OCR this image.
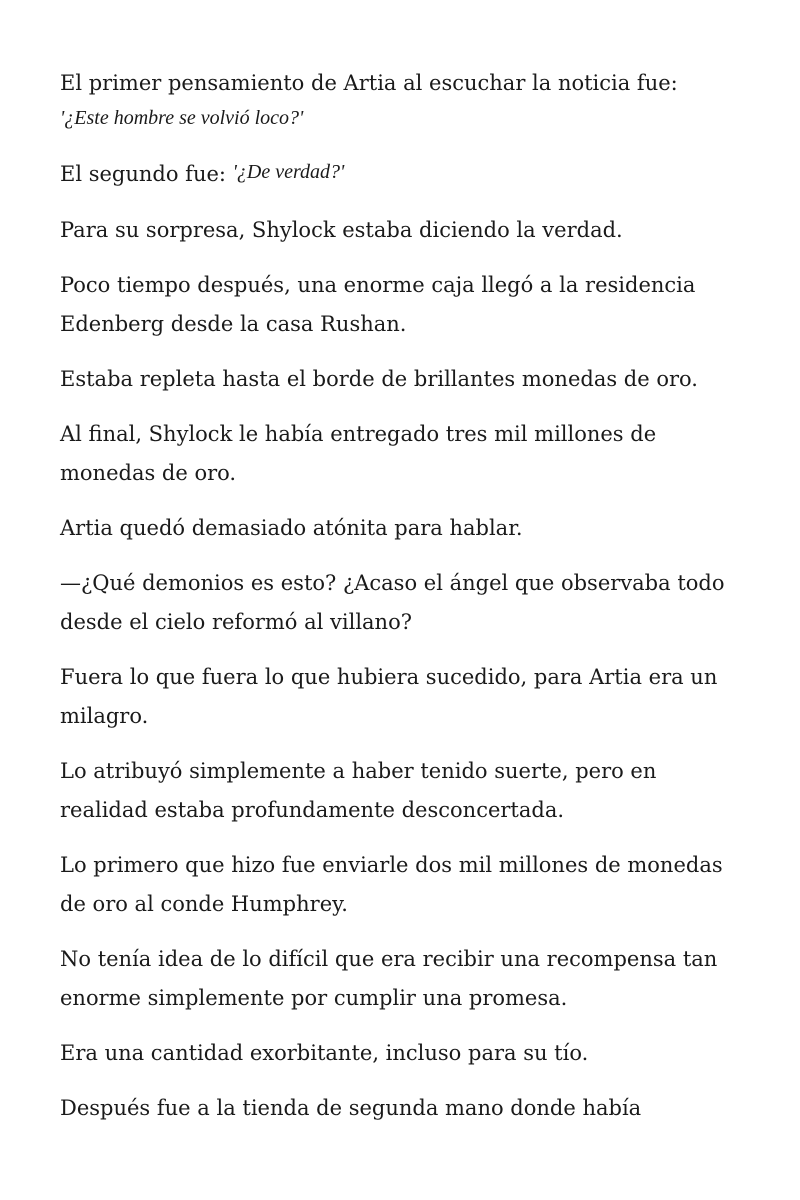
El primer pensamiento de Artia al escuchar la noticia fue:
'¿Este hombre se volvió loco?'

El segundo fue: '¿De verdad?'

Para su sorpresa, Shylock estaba diciendo la verdad.

Poco tiempo después, una enorme caja llegó a la residencia Edenberg desde la casa Rushan.

Estaba repleta hasta el borde de brillantes monedas de oro.

Al final, Shylock le había entregado tres mil millones de monedas de oro.

Artia quedó demasiado atónita para hablar.

—¿Qué demonios es esto? ¿Acaso el ángel que observaba todo desde el cielo reformó al villano?

Fuera lo que fuera lo que hubiera sucedido, para Artia era un milagro.

Lo atribuyó simplemente a haber tenido suerte, pero en realidad estaba profundamente desconcertada.

Lo primero que hizo fue enviarle dos mil millones de monedas de oro al conde Humphrey.

No tenía idea de lo difícil que era recibir una recompensa tan enorme simplemente por cumplir una promesa.

Era una cantidad exorbitante, incluso para su tío.

Después fue a la tienda de segunda mano donde había
